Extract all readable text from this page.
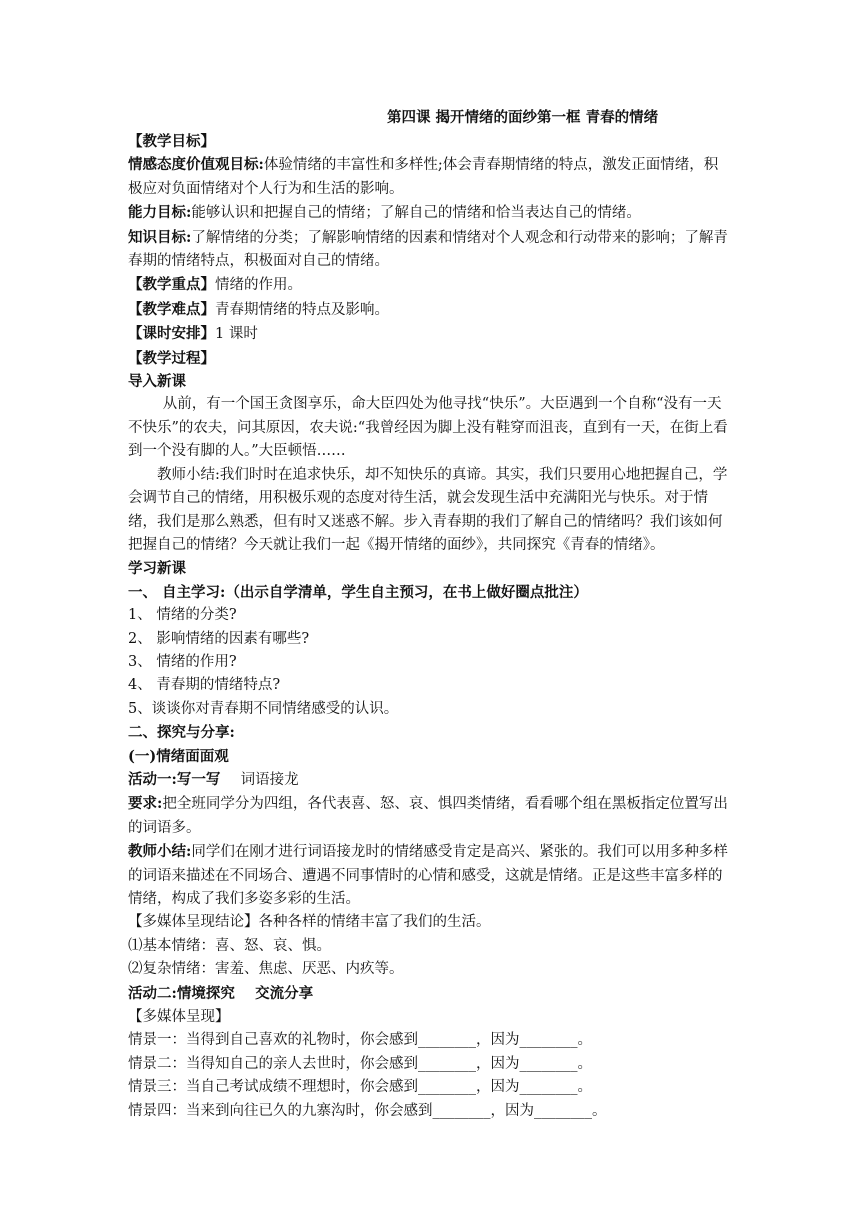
第四课 揭开情绪的面纱第一框 青春的情绪

【教学目标】

情感态度价值观目标:体验情绪的丰富性和多样性;体会青春期情绪的特点，激发正面情绪，积极应对负面情绪对个人行为和生活的影响。

能力目标:能够认识和把握自己的情绪；了解自己的情绪和恰当表达自己的情绪。

知识目标:了解情绪的分类；了解影响情绪的因素和情绪对个人观念和行动带来的影响；了解青春期的情绪特点，积极面对自己的情绪。

【教学重点】情绪的作用。

【教学难点】青春期情绪的特点及影响。

【课时安排】1 课时

【教学过程】

导入新课

从前，有一个国王贪图享乐，命大臣四处为他寻找“快乐”。大臣遇到一个自称“没有一天不快乐”的农夫，问其原因，农夫说:“我曾经因为脚上没有鞋穿而沮丧，直到有一天，在街上看到一个没有脚的人。”大臣顿悟……

教师小结:我们时时在追求快乐，却不知快乐的真谛。其实，我们只要用心地把握自己，学会调节自己的情绪，用积极乐观的态度对待生活，就会发现生活中充满阳光与快乐。对于情绪，我们是那么熟悉，但有时又迷惑不解。步入青春期的我们了解自己的情绪吗？我们该如何把握自己的情绪？今天就让我们一起《揭开情绪的面纱》，共同探究《青春的情绪》。

学习新课

一、 自主学习:（出示自学清单，学生自主预习，在书上做好圈点批注）

1、 情绪的分类?

2、 影响情绪的因素有哪些?

3、 情绪的作用?

4、 青春期的情绪特点?

5、谈谈你对青春期不同情绪感受的认识。

二、探究与分享:

(一)情绪面面观

活动一:写一写 词语接龙

要求:把全班同学分为四组，各代表喜、怒、哀、惧四类情绪，看看哪个组在黑板指定位置写出的词语多。

教师小结:同学们在刚才进行词语接龙时的情绪感受肯定是高兴、紧张的。我们可以用多种多样的词语来描述在不同场合、遭遇不同事情时的心情和感受，这就是情绪。正是这些丰富多样的情绪，构成了我们多姿多彩的生活。

【多媒体呈现结论】各种各样的情绪丰富了我们的生活。

⑴基本情绪：喜、怒、哀、惧。

⑵复杂情绪：害羞、焦虑、厌恶、内疚等。

活动二:情境探究 交流分享

【多媒体呈现】

情景一：当得到自己喜欢的礼物时，你会感到________，因为________。

情景二：当得知自己的亲人去世时，你会感到________，因为________。

情景三：当自己考试成绩不理想时，你会感到________，因为________。

情景四：当来到向往已久的九寨沟时，你会感到________，因为________。
